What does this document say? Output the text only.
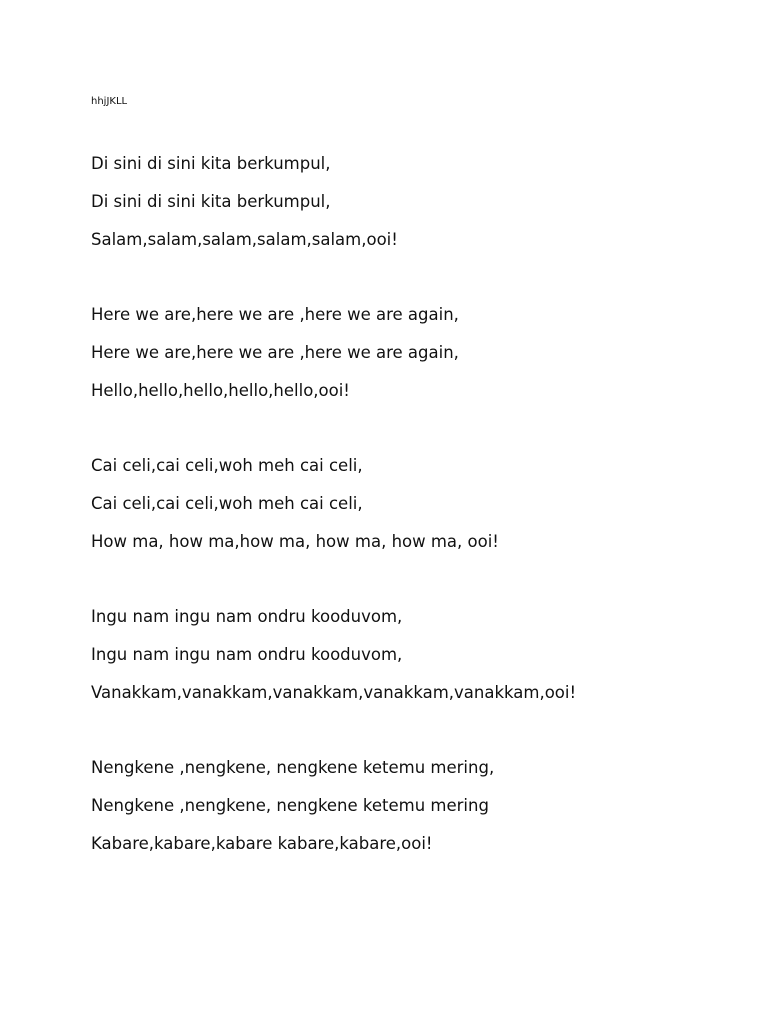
hhjJKLL
Di sini di sini kita berkumpul,
Di sini di sini kita berkumpul,
Salam,salam,salam,salam,salam,ooi!
Here we are,here we are ,here we are again,
Here we are,here we are ,here we are again,
Hello,hello,hello,hello,hello,ooi!
Cai celi,cai celi,woh meh cai celi,
Cai celi,cai celi,woh meh cai celi,
How ma, how ma,how ma, how ma, how ma, ooi!
Ingu nam ingu nam ondru kooduvom,
Ingu nam ingu nam ondru kooduvom,
Vanakkam,vanakkam,vanakkam,vanakkam,vanakkam,ooi!
Nengkene ,nengkene, nengkene ketemu mering,
Nengkene ,nengkene, nengkene ketemu mering
Kabare,kabare,kabare kabare,kabare,ooi!
